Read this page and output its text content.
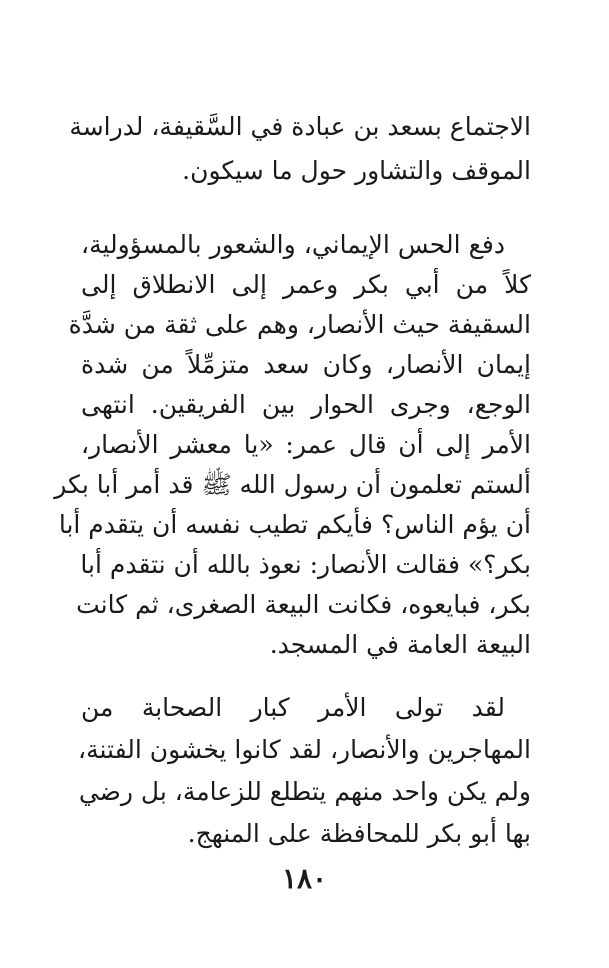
الاجتماع بسعد بن عبادة في السَّقيفة، لدراسة
الموقف والتشاور حول ما سيكون.
دفع الحس الإيماني، والشعور بالمسؤولية،
كلاً من أبي بكر وعمر إلى الانطلاق إلى
السقيفة حيث الأنصار، وهم على ثقة من شدَّة
إيمان الأنصار، وكان سعد متزمِّلاً من شدة
الوجع، وجرى الحوار بين الفريقين. انتهى
الأمر إلى أن قال عمر: «يا معشر الأنصار،
ألستم تعلمون أن رسول الله ﷺ قد أمر أبا بكر
أن يؤم الناس؟ فأيكم تطيب نفسه أن يتقدم أبا
بكر؟» فقالت الأنصار: نعوذ بالله أن نتقدم أبا
بكر، فبايعوه، فكانت البيعة الصغرى، ثم كانت
البيعة العامة في المسجد.
لقد تولى الأمر كبار الصحابة من
المهاجرين والأنصار، لقد كانوا يخشون الفتنة،
ولم يكن واحد منهم يتطلع للزعامة، بل رضي
بها أبو بكر للمحافظة على المنهج.
١٨٠
